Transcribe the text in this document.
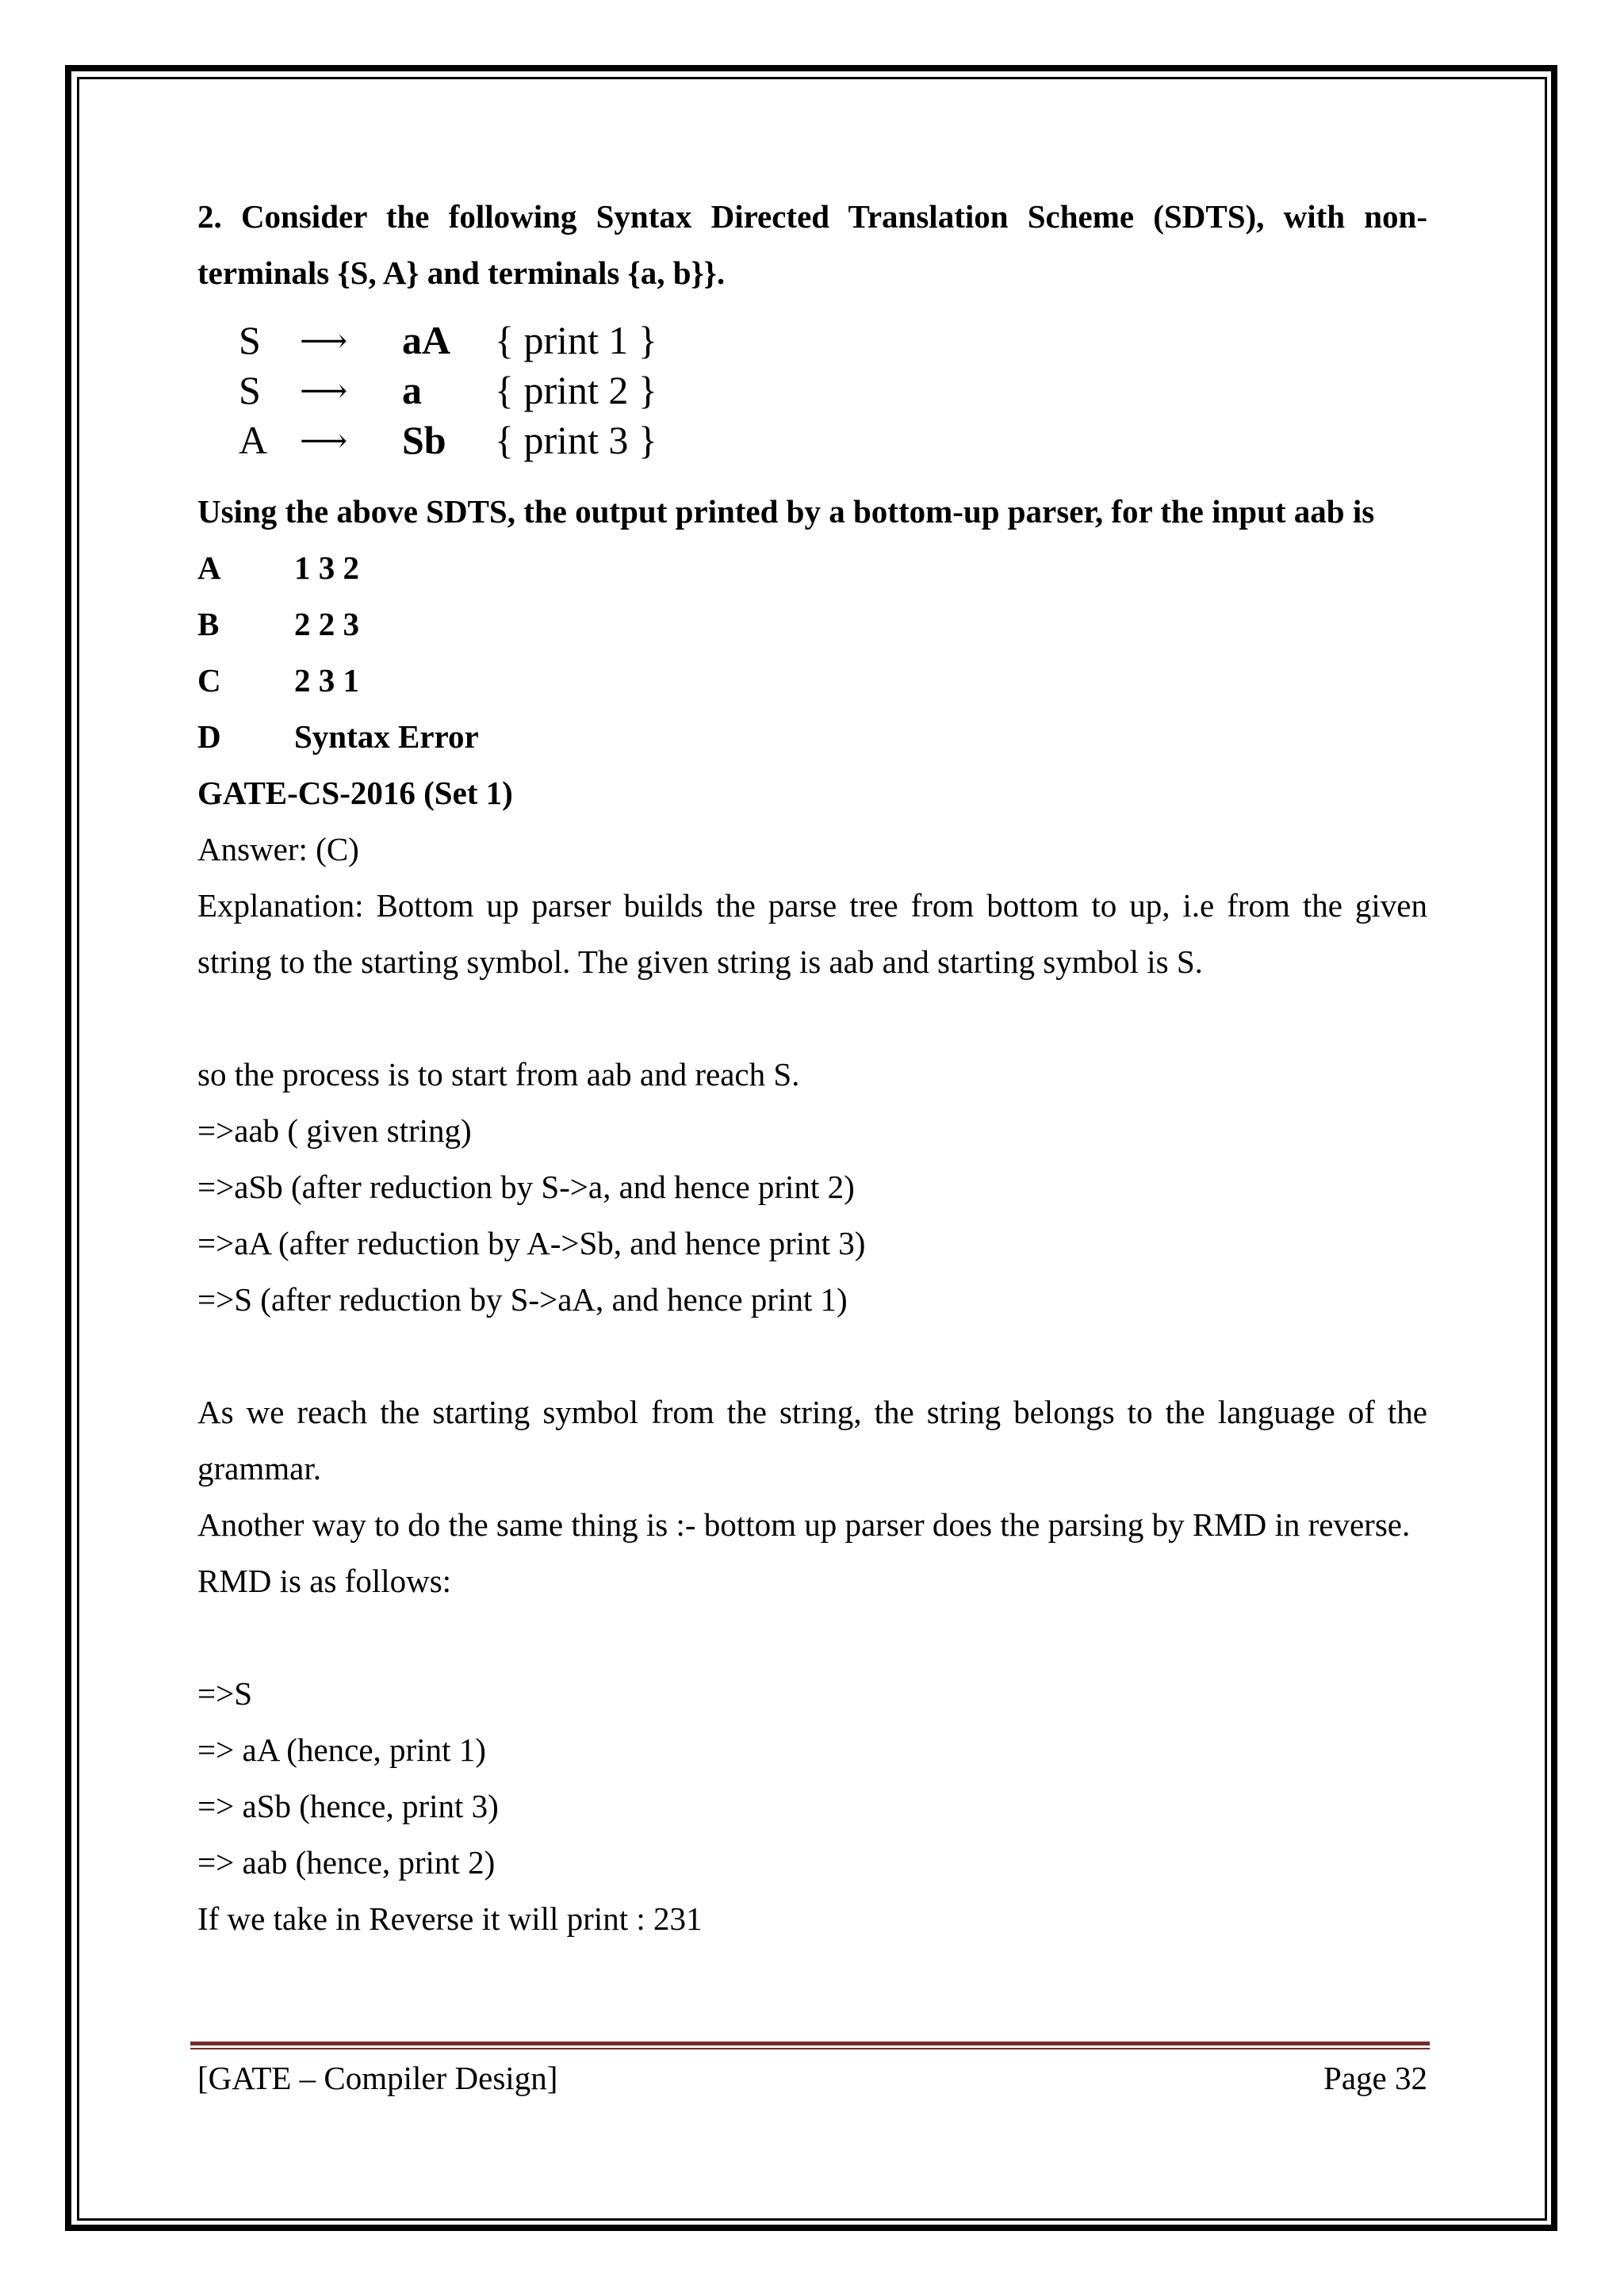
2. Consider the following Syntax Directed Translation Scheme (SDTS), with non-
terminals {S, A} and terminals {a, b}}.
S ⟶	aA { print 1 }
S ⟶	a { print 2 }
A ⟶	Sb { print 3 }
Using the above SDTS, the output printed by a bottom-up parser, for the input aab is
A 1 3 2
B 2 2 3
C 2 3 1
D Syntax Error
GATE-CS-2016 (Set 1)
Answer: (C)
Explanation: Bottom up parser builds the parse tree from bottom to up, i.e from the given
string to the starting symbol. The given string is aab and starting symbol is S.
so the process is to start from aab and reach S.
=>aab ( given string)
=>aSb (after reduction by S->a, and hence print 2)
=>aA (after reduction by A->Sb, and hence print 3)
=>S (after reduction by S->aA, and hence print 1)
As we reach the starting symbol from the string, the string belongs to the language of the
grammar.
Another way to do the same thing is :- bottom up parser does the parsing by RMD in reverse.
RMD is as follows:
=>S
=> aA (hence, print 1)
=> aSb (hence, print 3)
=> aab (hence, print 2)
If we take in Reverse it will print : 231
[GATE – Compiler Design]	Page 32
